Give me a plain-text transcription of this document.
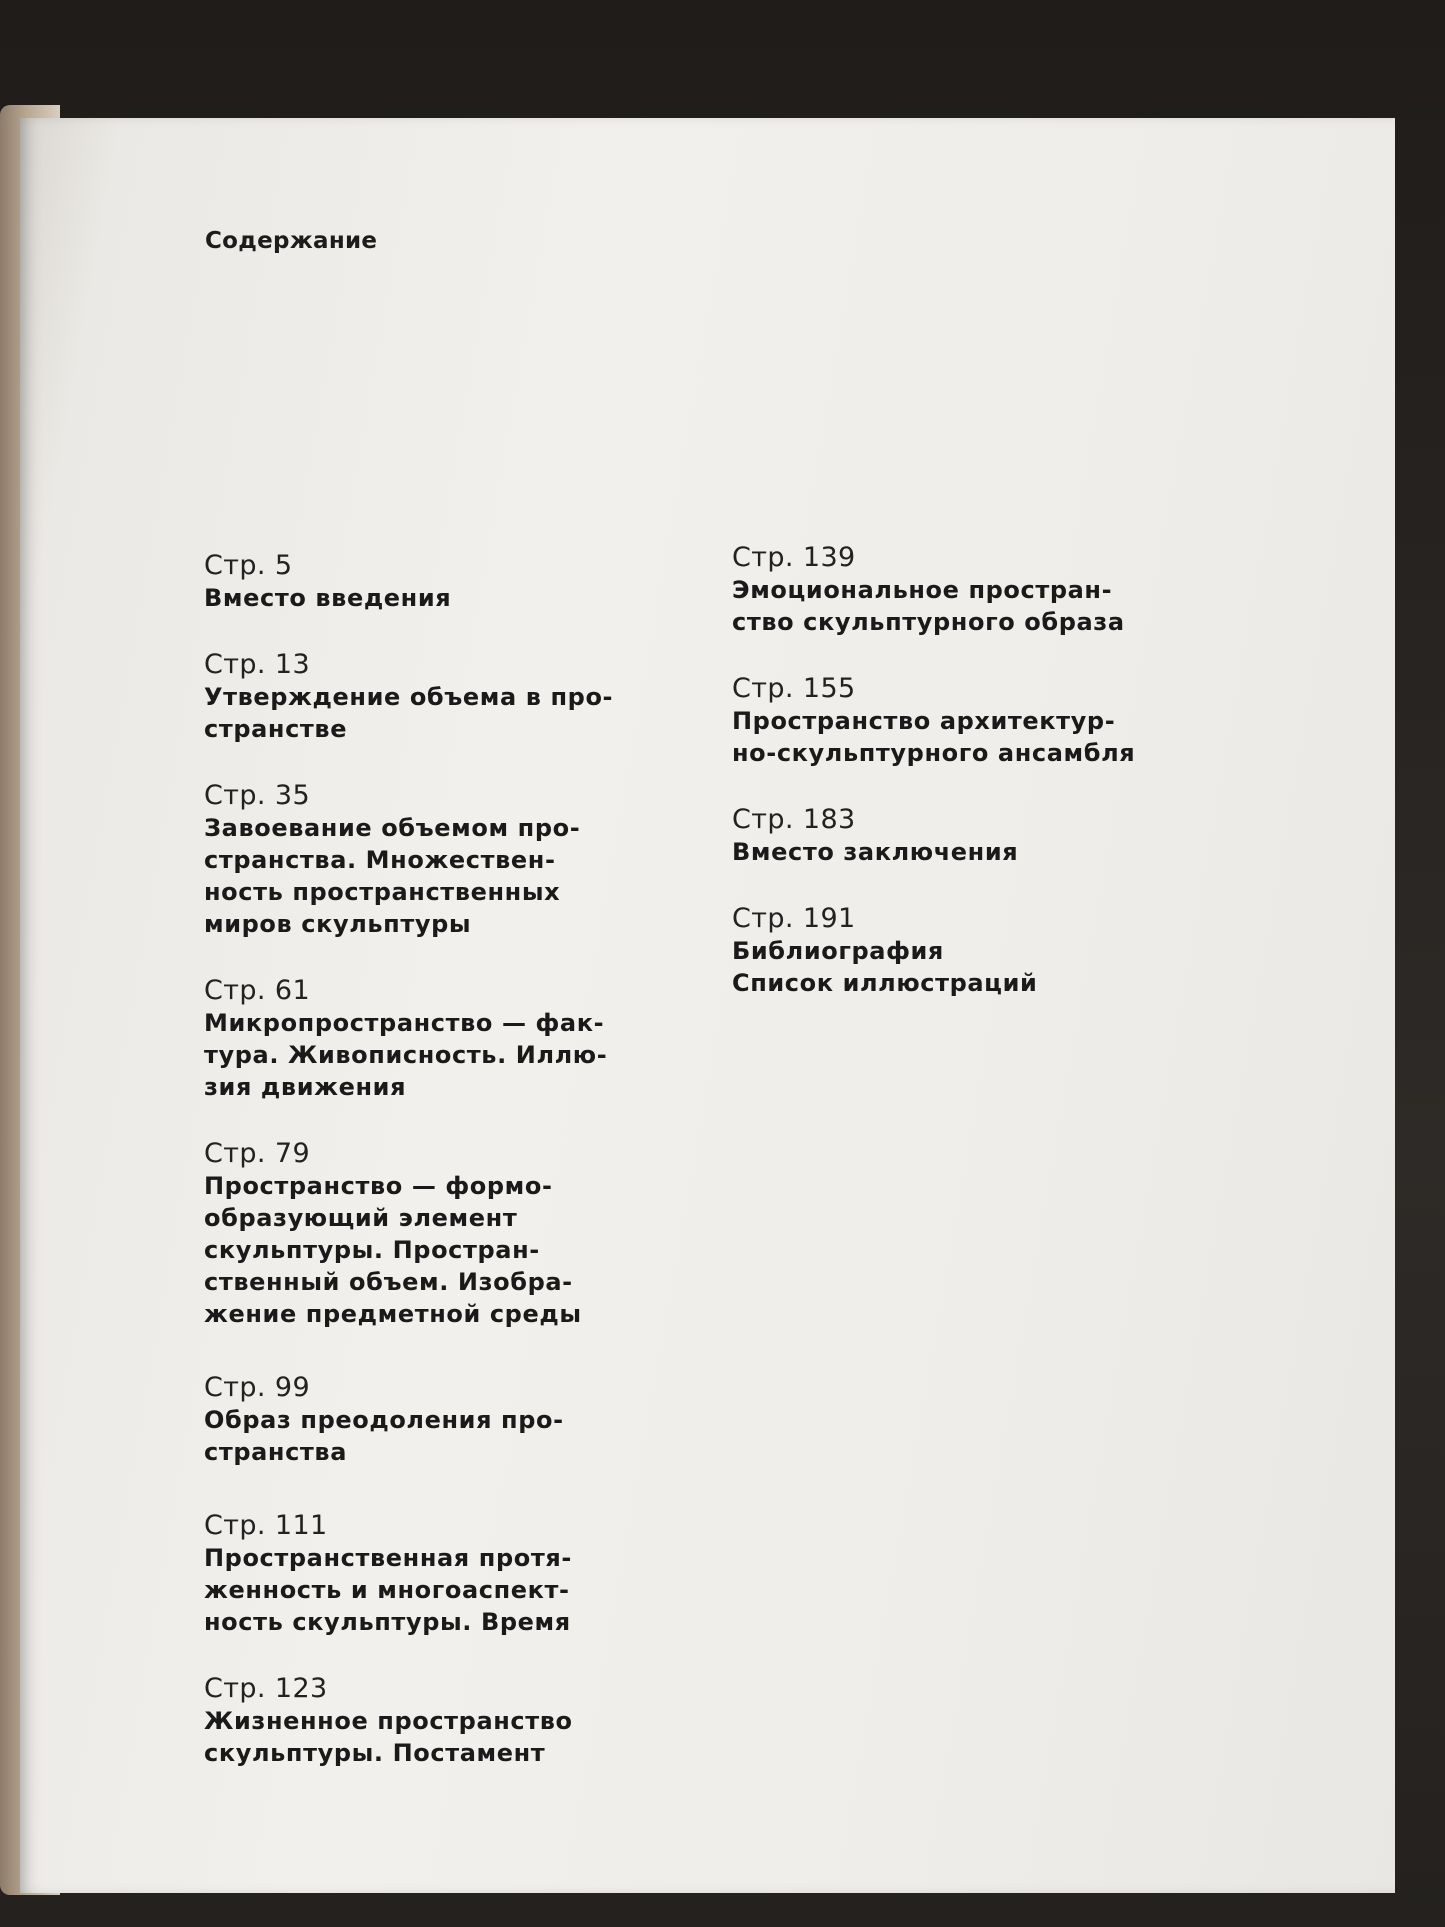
Содержание
Стр. 5
Вместо введения
Стр. 13
Утверждение объема в про-
странстве
Стр. 35
Завоевание объемом про-
странства. Множествен-
ность пространственных
миров скульптуры
Стр. 61
Микропространство — фак-
тура. Живописность. Иллю-
зия движения
Стр. 79
Пространство — формо-
образующий элемент
скульптуры. Простран-
ственный объем. Изобра-
жение предметной среды
Стр. 99
Образ преодоления про-
странства
Стр. 111
Пространственная протя-
женность и многоаспект-
ность скульптуры. Время
Стр. 123
Жизненное пространство
скульптуры. Постамент
Стр. 139
Эмоциональное простран-
ство скульптурного образа
Стр. 155
Пространство архитектур-
но-скульптурного ансамбля
Стр. 183
Вместо заключения
Стр. 191
Библиография
Список иллюстраций
